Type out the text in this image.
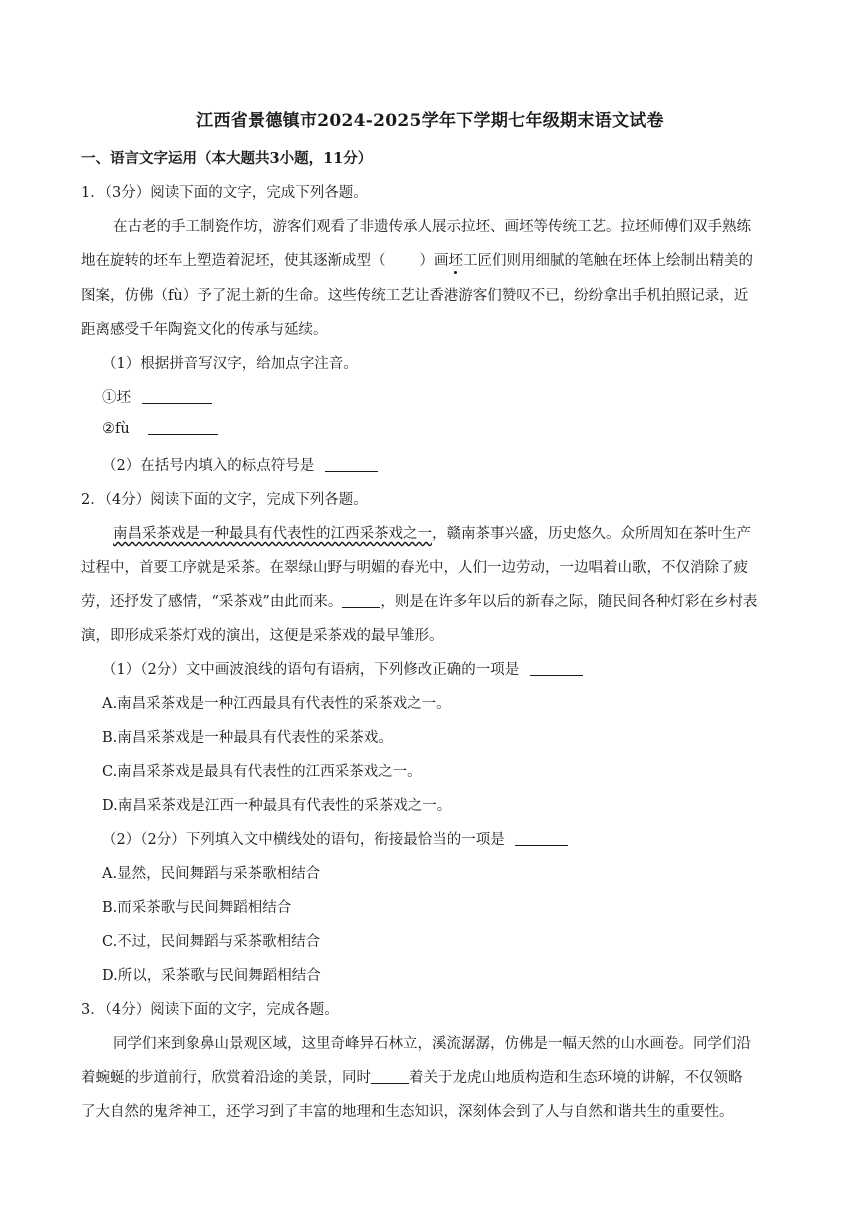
江西省景德镇市2024-2025学年下学期七年级期末语文试卷
一、语言文字运用（本大题共3小题，11分）
1．（3分）阅读下面的文字，完成下列各题。
在古老的手工制瓷作坊，游客们观看了非遗传承人展示拉坯、画坯等传统工艺。拉坯师傅们双手熟练
地在旋转的坯车上塑造着泥坯，使其逐渐成型（ ）画坯工匠们则用细腻的笔触在坯体上绘制出精美的
图案，仿佛（fù）予了泥土新的生命。这些传统工艺让香港游客们赞叹不已，纷纷拿出手机拍照记录，近
距离感受千年陶瓷文化的传承与延续。
（1）根据拼音写汉字，给加点字注音。
①坯
②fù
（2）在括号内填入的标点符号是
2．（4分）阅读下面的文字，完成下列各题。
南昌采茶戏是一种最具有代表性的江西采茶戏之一，赣南茶事兴盛，历史悠久。众所周知在茶叶生产
过程中，首要工序就是采茶。在翠绿山野与明媚的春光中，人们一边劳动，一边唱着山歌，不仅消除了疲
劳，还抒发了感情，“采茶戏”由此而来。	，则是在许多年以后的新春之际，随民间各种灯彩在乡村表
演，即形成采茶灯戏的演出，这便是采茶戏的最早雏形。
（1）（2分）文中画波浪线的语句有语病，下列修改正确的一项是
A.南昌采茶戏是一种江西最具有代表性的采茶戏之一。
B.南昌采茶戏是一种最具有代表性的采茶戏。
C.南昌采茶戏是最具有代表性的江西采茶戏之一。
D.南昌采茶戏是江西一种最具有代表性的采茶戏之一。
（2）（2分）下列填入文中横线处的语句，衔接最恰当的一项是
A.显然，民间舞蹈与采茶歌相结合
B.而采茶歌与民间舞蹈相结合
C.不过，民间舞蹈与采茶歌相结合
D.所以，采茶歌与民间舞蹈相结合
3．（4分）阅读下面的文字，完成各题。
同学们来到象鼻山景观区域，这里奇峰异石林立，溪流潺潺，仿佛是一幅天然的山水画卷。同学们沿
着蜿蜒的步道前行，欣赏着沿途的美景，同时	着关于龙虎山地质构造和生态环境的讲解，不仅领略
了大自然的鬼斧神工，还学习到了丰富的地理和生态知识，深刻体会到了人与自然和谐共生的重要性。
